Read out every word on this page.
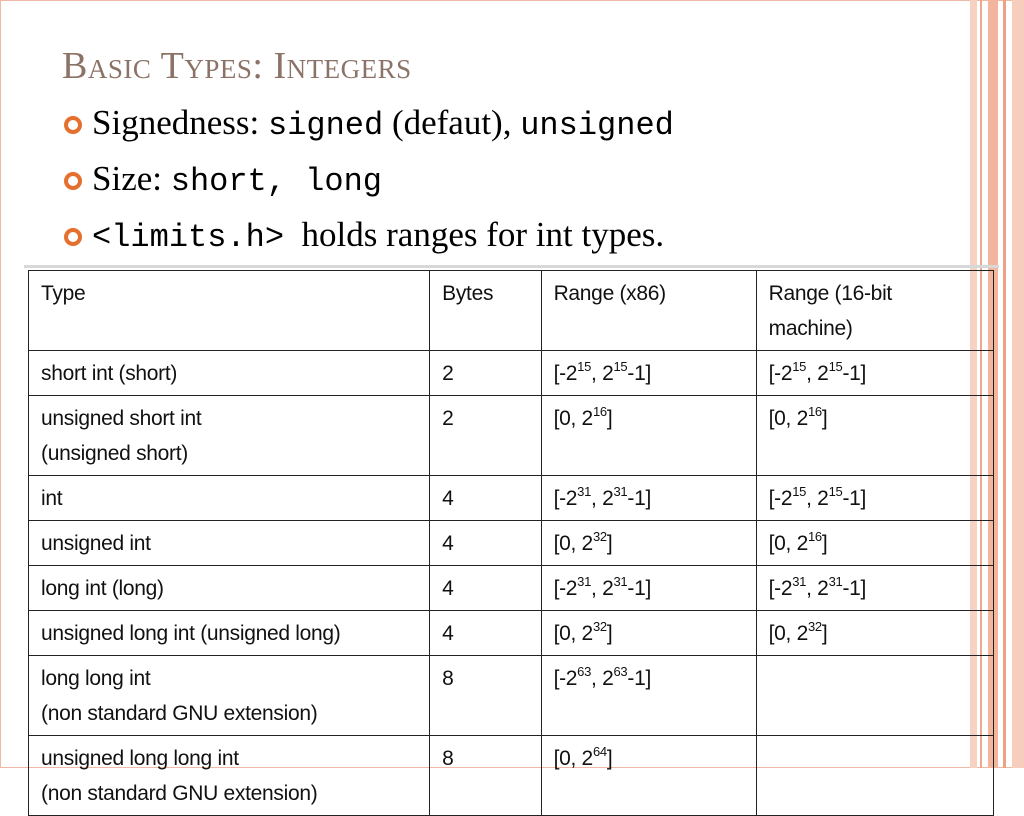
Basic Types: Integers
Signedness: signed (defaut), unsigned
Size: short, long
<limits.h>  holds ranges for int types.
Type	Bytes	Range (x86)	Range (16-bit machine)
short int (short)	2	[$-2^{15}$, $2^{15}-1$]	[$-2^{15}$, $2^{15}-1$]
unsigned short int
(unsigned short)	2	[0, $2^{16}$]	[0, $2^{16}$]
int	4	[$-2^{31}$, $2^{31}-1$]	[$-2^{15}$, $2^{15}-1$]
unsigned int	4	[0, $2^{32}$]	[0, $2^{16}$]
long int (long)	4	[$-2^{31}$, $2^{31}-1$]	[$-2^{31}$, $2^{31}-1$]
unsigned long int (unsigned long)	4	[0, $2^{32}$]	[0, $2^{32}$]
long long int
(non standard GNU extension)	8	[$-2^{63}$, $2^{63}-1$]	
unsigned long long int
(non standard GNU extension)	8	[0, $2^{64}$]	
